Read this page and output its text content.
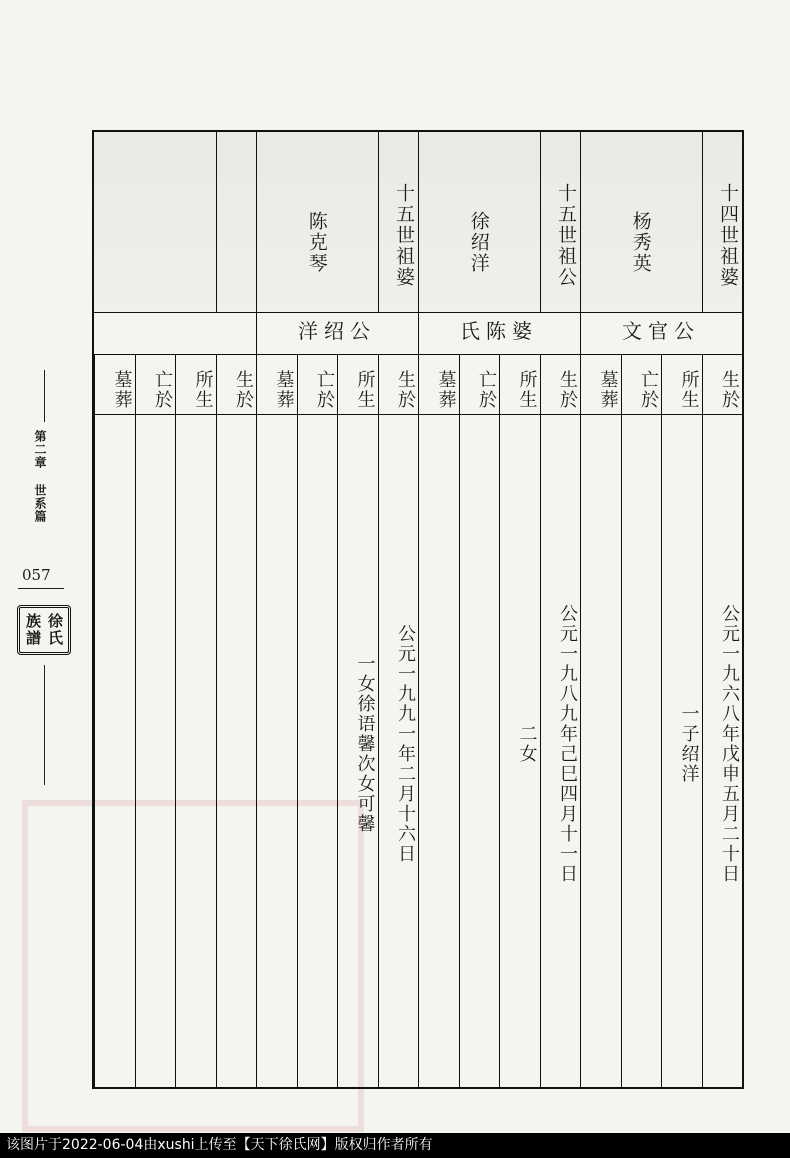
第二章 世系篇
057
徐氏族譜
十四世祖婆
杨秀英
文官公
生於
公元一九六八年戊申五月二十日
所生
一子绍洋
亡於
墓葬
十五世祖公
徐绍洋
氏陈婆
生於
公元一九八九年己巳四月十一日
所生
二女
亡於
墓葬
十五世祖婆
陈克琴
洋绍公
生於
公元一九九一年二月十六日
所生
一女徐语馨次女可馨
亡於
墓葬
生於
所生
亡於
墓葬
该图片于2022-06-04由xushi上传至【天下徐氏网】版权归作者所有
